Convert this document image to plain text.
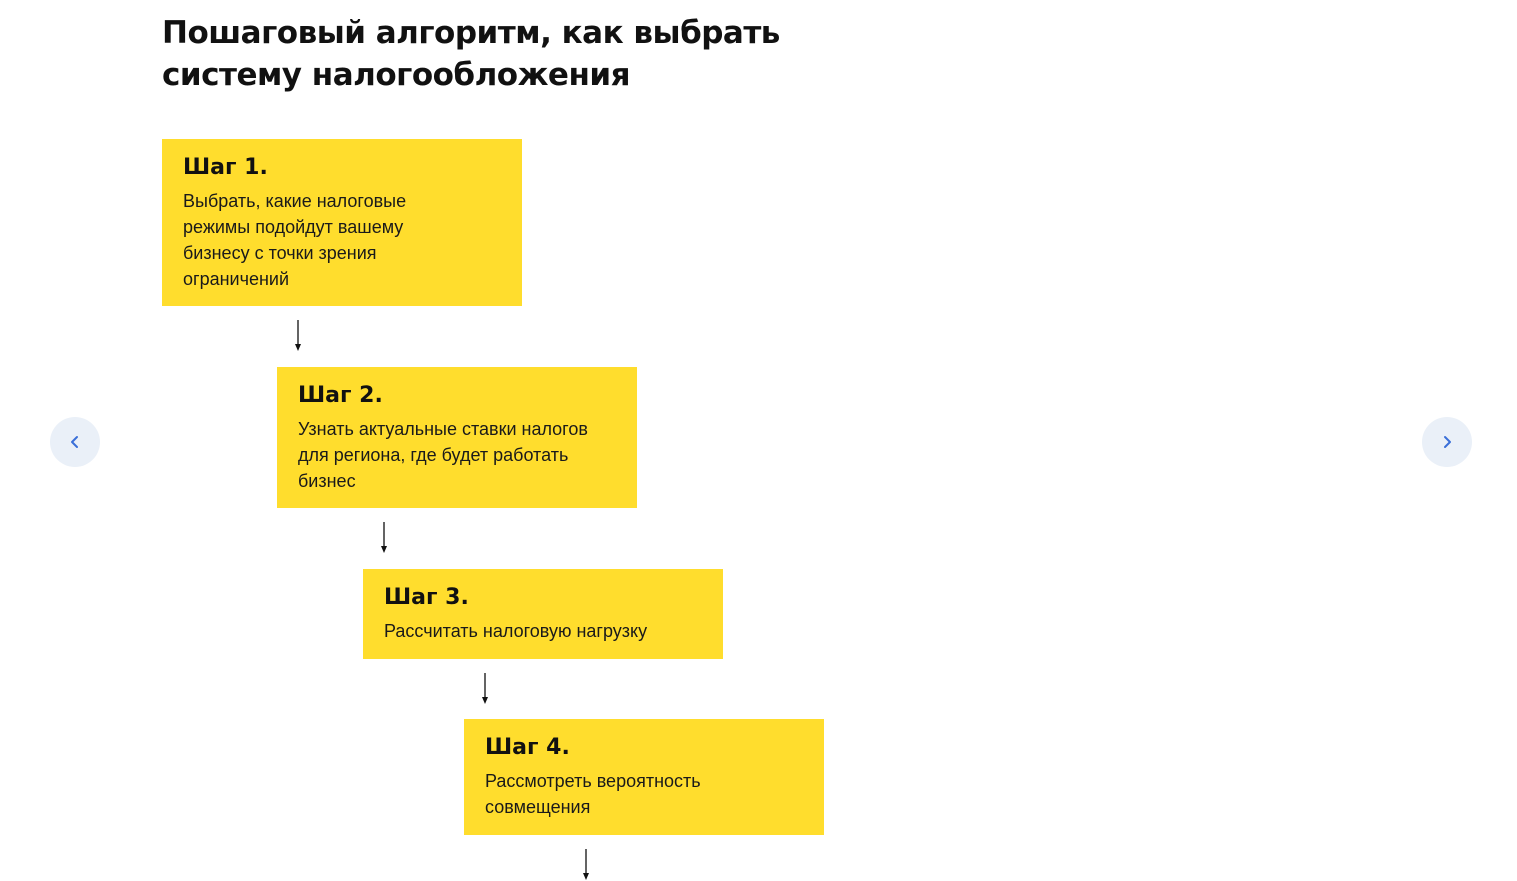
Пошаговый алгоритм, как выбрать систему налогообложения
Шаг 1.
Выбрать, какие налоговые режимы подойдут вашему бизнесу с точки зрения ограничений
Шаг 2.
Узнать актуальные ставки налогов для региона, где будет работать бизнес
Шаг 3.
Рассчитать налоговую нагрузку
Шаг 4.
Рассмотреть вероятность совмещения
